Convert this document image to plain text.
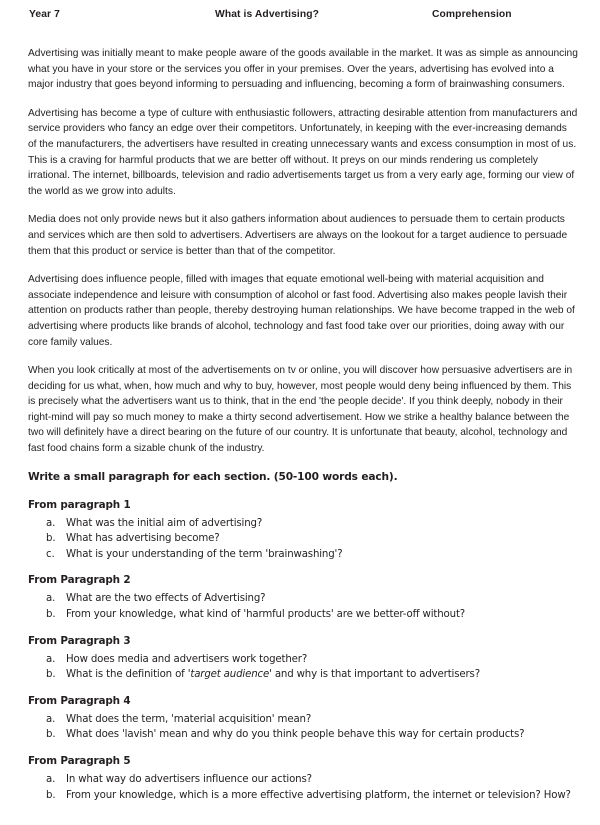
Year 7	What is Advertising?	Comprehension

Advertising was initially meant to make people aware of the goods available in the market. It was as simple as announcing what you have in your store or the services you offer in your premises. Over the years, advertising has evolved into a major industry that goes beyond informing to persuading and influencing, becoming a form of brainwashing consumers.

Advertising has become a type of culture with enthusiastic followers, attracting desirable attention from manufacturers and service providers who fancy an edge over their competitors. Unfortunately, in keeping with the ever-increasing demands of the manufacturers, the advertisers have resulted in creating unnecessary wants and excess consumption in most of us. This is a craving for harmful products that we are better off without. It preys on our minds rendering us completely irrational. The internet, billboards, television and radio advertisements target us from a very early age, forming our view of the world as we grow into adults.

Media does not only provide news but it also gathers information about audiences to persuade them to certain products and services which are then sold to advertisers. Advertisers are always on the lookout for a target audience to persuade them that this product or service is better than that of the competitor.

Advertising does influence people, filled with images that equate emotional well-being with material acquisition and associate independence and leisure with consumption of alcohol or fast food. Advertising also makes people lavish their attention on products rather than people, thereby destroying human relationships. We have become trapped in the web of advertising where products like brands of alcohol, technology and fast food take over our priorities, doing away with our core family values.

When you look critically at most of the advertisements on tv or online, you will discover how persuasive advertisers are in deciding for us what, when, how much and why to buy, however, most people would deny being influenced by them. This is precisely what the advertisers want us to think, that in the end 'the people decide'. If you think deeply, nobody in their right-mind will pay so much money to make a thirty second advertisement. How we strike a healthy balance between the two will definitely have a direct bearing on the future of our country. It is unfortunate that beauty, alcohol, technology and fast food chains form a sizable chunk of the industry.

Write a small paragraph for each section. (50-100 words each).
From paragraph 1
a.	What was the initial aim of advertising?
b.	What has advertising become?
c.	What is your understanding of the term 'brainwashing'?
From Paragraph 2
a.	What are the two effects of Advertising?
b.	From your knowledge, what kind of 'harmful products' are we better-off without?
From Paragraph 3
a.	How does media and advertisers work together?
b.	What is the definition of 'target audience' and why is that important to advertisers?
From Paragraph 4
a.	What does the term, 'material acquisition' mean?
b.	What does 'lavish' mean and why do you think people behave this way for certain products?
From Paragraph 5
a.	In what way do advertisers influence our actions?
b.	From your knowledge, which is a more effective advertising platform, the internet or television? How?
